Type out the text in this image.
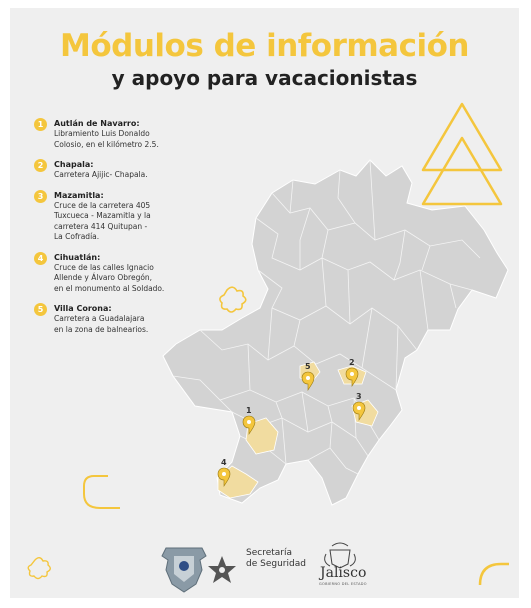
Módulos de información
y apoyo para vacacionistas
1
2
3
4
5
1	Autlán de Navarro:
Libramiento Luis Donaldo
Colosio, en el kilómetro 2.5.
2	Chapala:
Carretera Ajijic- Chapala.
3	Mazamitla:
Cruce de la carretera 405
Tuxcueca - Mazamitla y la
carretera 414 Quitupan -
La Cofradía.
4	Cihuatlán:
Cruce de las calles Ignacio
Allende y Álvaro Obregón,
en el monumento al Soldado.
5	Villa Corona:
Carretera a Guadalajara
en la zona de balnearios.
Secretaría
de Seguridad
Jalisco
GOBIERNO DEL ESTADO
